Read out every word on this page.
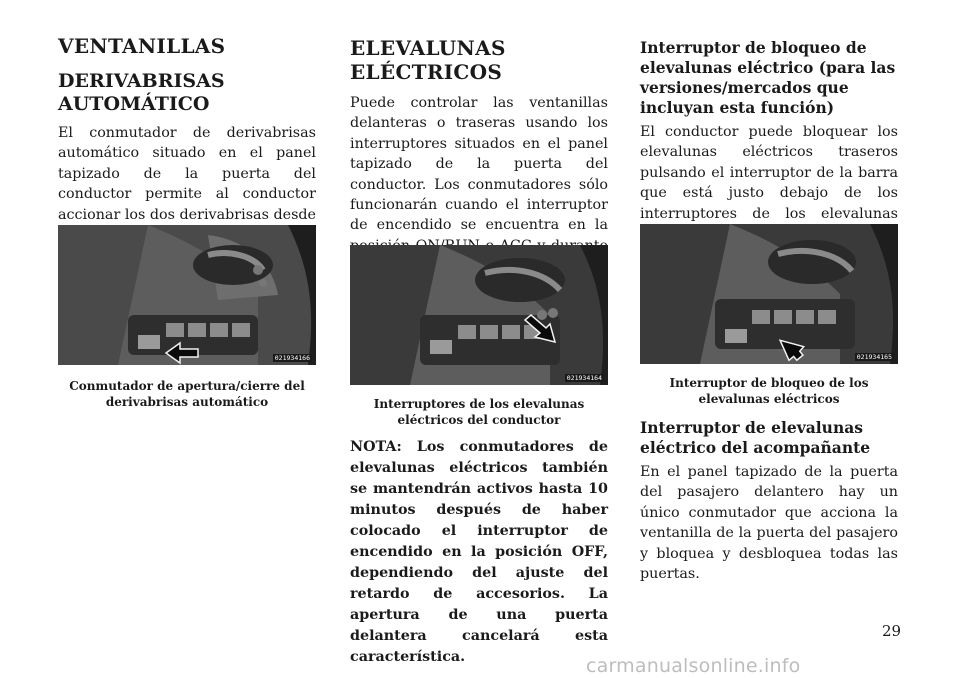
VENTANILLAS
DERIVABRISAS
AUTOMÁTICO

El conmutador de derivabrisas automático situado en el panel tapizado de la puerta del conductor permite al conductor accionar los dos derivabrisas desde

021934166

Conmutador de apertura/cierre del

derivabrisas automático

ELEVALUNAS
ELÉCTRICOS

Puede controlar las ventanillas delanteras o traseras usando los interruptores situados en el panel tapizado de la puerta del conductor. Los conmutadores sólo funcionarán cuando el interruptor de encendido se encuentra en la

021934164

Interruptores de los elevalunas

eléctricos del conductor

NOTA: Los conmutadores de elevalunas eléctricos también se mantendrán activos hasta 10 minutos después de haber colocado el interruptor de encendido en la posición OFF, dependiendo del ajuste del retardo de accesorios. La apertura de una puerta delantera cancelará esta característica.

Interruptor de bloqueo de elevalunas eléctrico (para las versiones/mercados que incluyan esta función)

El conductor puede bloquear los elevalunas eléctricos traseros pulsando el interruptor de la barra que está justo debajo de los interruptores de los elevalunas

021934165

Interruptor de bloqueo de los

elevalunas eléctricos

Interruptor de elevalunas eléctrico del acompañante

En el panel tapizado de la puerta del pasajero delantero hay un único conmutador que acciona la ventanilla de la puerta del pasajero y bloquea y desbloquea todas las puertas.

29
carmanualsonline.info
